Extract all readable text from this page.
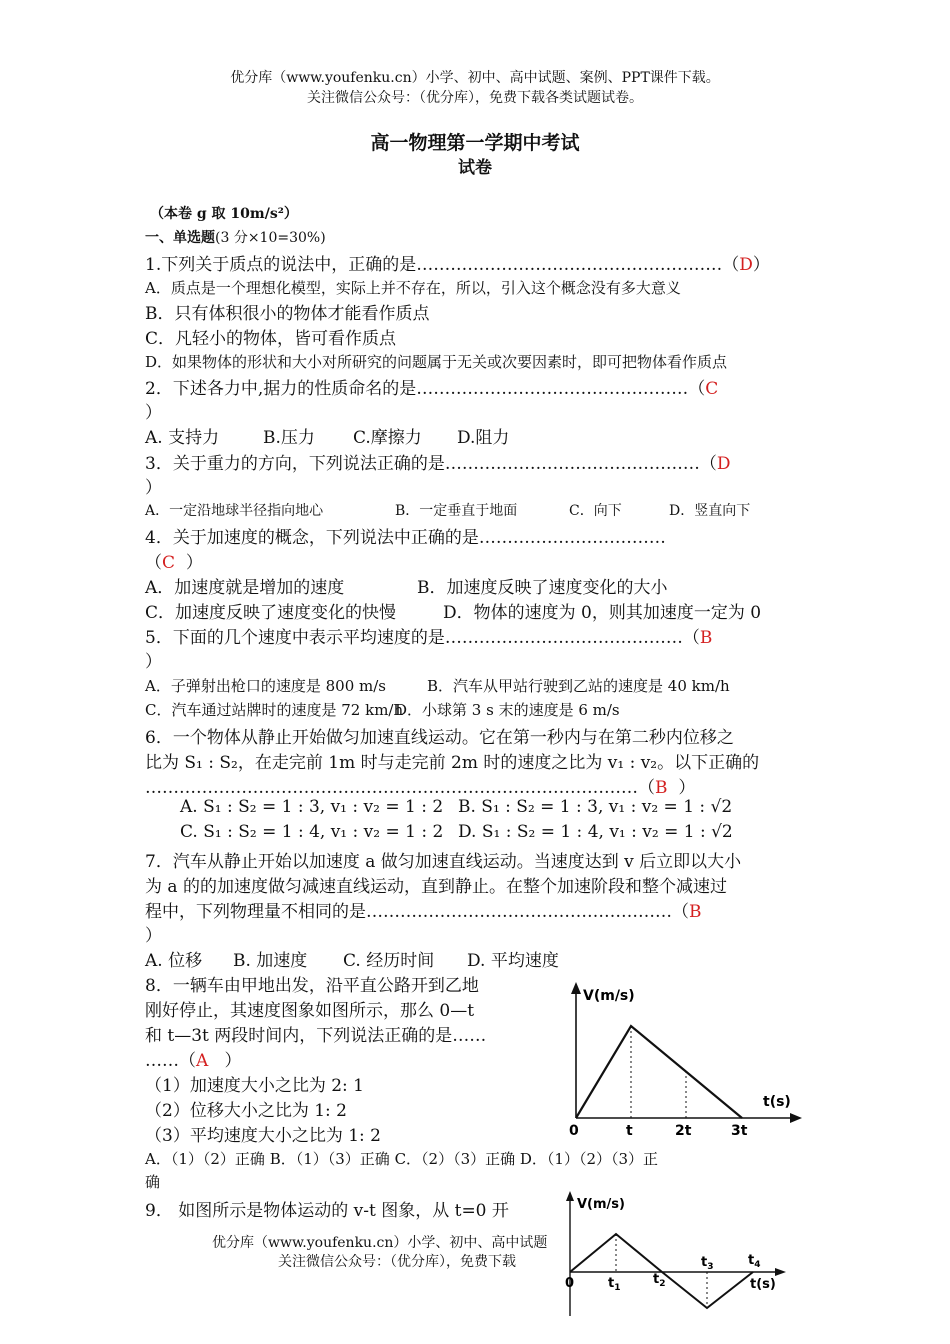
优分库（www.youfenku.cn）小学、初中、高中试题、案例、PPT课件下载。
关注微信公众号：（优分库），免费下载各类试题试卷。
高一物理第一学期中考试
试卷
（本卷 g 取 10m/s²）
一、单选题(3 分×10=30%)
1.下列关于质点的说法中，正确的是………………………………………………（D）
A．质点是一个理想化模型，实际上并不存在，所以，引入这个概念没有多大意义
B．只有体积很小的物体才能看作质点
C．凡轻小的物体，皆可看作质点
D．如果物体的形状和大小对所研究的问题属于无关或次要因素时，即可把物体看作质点
2．下述各力中,据力的性质命名的是…………………………………………（C
）
A. 支持力	B.压力 C.摩擦力 D.阻力
3．关于重力的方向，下列说法正确的是………………………………………（D
）
A．一定沿地球半径指向地心	B．一定垂直于地面	C．向下	D．竖直向下
4．关于加速度的概念，下列说法中正确的是……………………………
（C ）
A．加速度就是增加的速度	B．加速度反映了速度变化的大小
C．加速度反映了速度变化的快慢	D．物体的速度为 0，则其加速度一定为 0
5．下面的几个速度中表示平均速度的是……………………………………（B
）
A．子弹射出枪口的速度是 800 m/s	B．汽车从甲站行驶到乙站的速度是 40 km/h
C．汽车通过站牌时的速度是 72 km/hD．小球第 3 s 末的速度是 6 m/s
6．一个物体从静止开始做匀加速直线运动。它在第一秒内与在第二秒内位移之
比为 S₁ : S₂，在走完前 1m 时与走完前 2m 时的速度之比为 v₁ : v₂。以下正确的
……………………………………………………………………………（B ）
A. S₁ : S₂ = 1 : 3, v₁ : v₂ = 1 : 2 B. S₁ : S₂ = 1 : 3, v₁ : v₂ = 1 : √2
C. S₁ : S₂ = 1 : 4, v₁ : v₂ = 1 : 2 D. S₁ : S₂ = 1 : 4, v₁ : v₂ = 1 : √2
7．汽车从静止开始以加速度 a 做匀加速直线运动。当速度达到 v 后立即以大小
为 a 的的加速度做匀减速直线运动，直到静止。在整个加速阶段和整个减速过
程中，下列物理量不相同的是………………………………………………（B
）
A. 位移 B. 加速度 C. 经历时间 D. 平均速度
8．一辆车由甲地出发，沿平直公路开到乙地
刚好停止，其速度图象如图所示，那么 0—t
和 t—3t 两段时间内，下列说法正确的是……
……（A ）
（1）加速度大小之比为 2: 1
（2）位移大小之比为 1: 2
（3）平均速度大小之比为 1: 2
A．（1）（2）正确 B．（1）（3）正确 C．（2）（3）正确 D．（1）（2）（3）正
确
V(m/s)
t(s)
0	t	2t	3t
9． 如图所示是物体运动的 v-t 图象，从 t=0 开	V(m/s)
t(s)
0	$t_1$
$t_2$
$t_3$	$t_4$
优分库（www.youfenku.cn）小学、初中、高中试题
关注微信公众号：（优分库），免费下载
